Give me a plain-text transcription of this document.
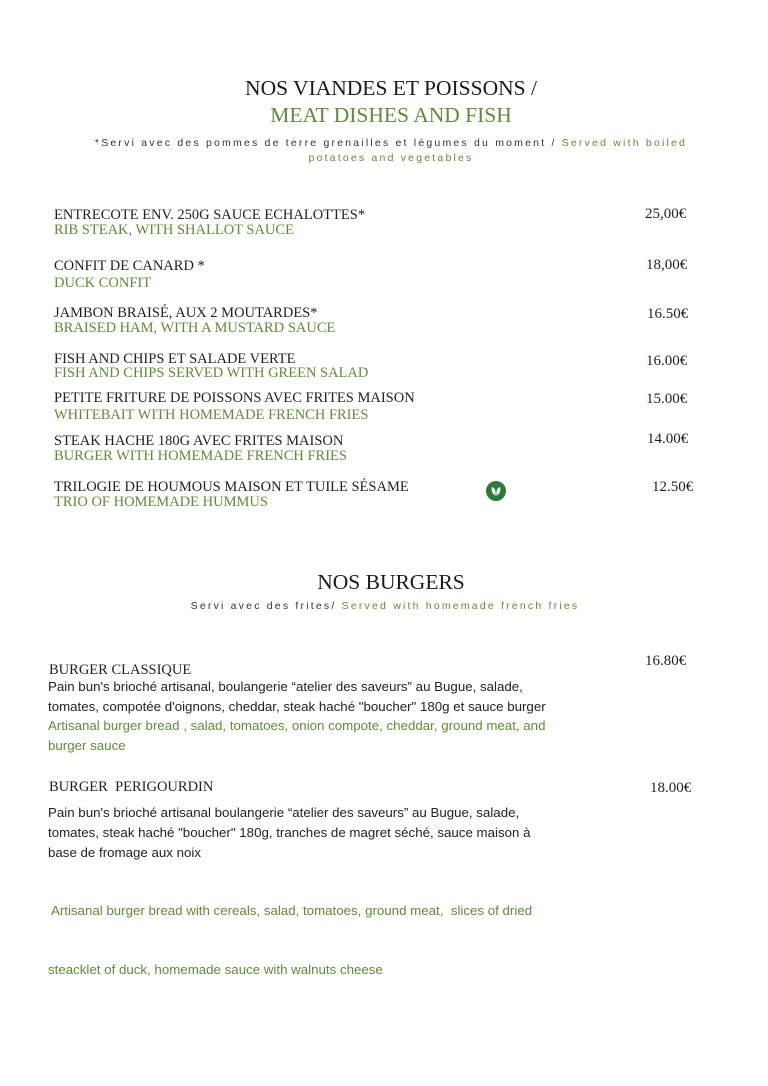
NOS VIANDES ET POISSONS /
MEAT DISHES AND FISH
*Servi avec des pommes de terre grenailles et légumes du moment / Served with boiled
potatoes and vegetables
ENTRECOTE ENV. 250G SAUCE ECHALOTTES*
RIB STEAK, WITH SHALLOT SAUCE
25,00€
CONFIT DE CANARD *
DUCK CONFIT
18,00€
JAMBON BRAISÉ, AUX 2 MOUTARDES*
BRAISED HAM, WITH A MUSTARD SAUCE
16.50€
FISH AND CHIPS ET SALADE VERTE
FISH AND CHIPS SERVED WITH GREEN SALAD
16.00€
PETITE FRITURE DE POISSONS AVEC FRITES MAISON
WHITEBAIT WITH HOMEMADE FRENCH FRIES
15.00€
STEAK HACHE 180G AVEC FRITES MAISON
BURGER WITH HOMEMADE FRENCH FRIES
14.00€
TRILOGIE DE HOUMOUS MAISON ET TUILE SÉSAME
TRIO OF HOMEMADE HUMMUS
12.50€
NOS BURGERS
Servi avec des frites/ Served with homemade french fries
BURGER CLASSIQUE
16.80€
Pain bun's brioché artisanal, boulangerie “atelier des saveurs” au Bugue, salade,
tomates, compotée d'oignons, cheddar, steak haché "boucher" 180g et sauce burger
Artisanal burger bread , salad, tomatoes, onion compote, cheddar, ground meat, and
burger sauce
BURGER  PERIGOURDIN	18.00€
Pain bun's brioché artisanal boulangerie “atelier des saveurs” au Bugue, salade,
tomates, steak haché "boucher" 180g, tranches de magret séché, sauce maison à
base de fromage aux noix

Artisanal burger bread with cereals, salad, tomatoes, ground meat,  slices of dried

steacklet of duck, homemade sauce with walnuts cheese
